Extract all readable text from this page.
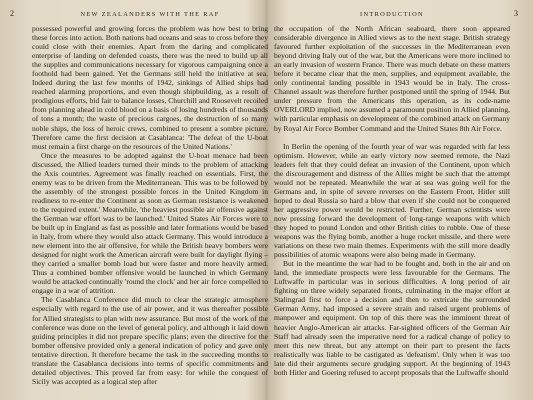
2	NEW ZEALANDERS WITH THE RAF

possessed powerful and growing forces the problem was how best to bring these forces into action. Both nations had oceans and seas to cross before they could close with their enemies. Apart from the daring and complicated enterprise of landing on defended coasts, there was the need to build up all the supplies and communications necessary for vigorous campaigning once a foothold had been gained. Yet the Germans still held the initiative at sea. Indeed during the last few months of 1942, sinkings of Allied ships had reached alarming proportions, and even though shipbuilding, as a result of prodigious efforts, bid fair to balance losses, Churchill and Roosevelt recoiled from planning ahead in cold blood on a basis of losing hundreds of thousands of tons a month; the waste of precious cargoes, the destruction of so many noble ships, the loss of heroic crews, combined to present a sombre picture. Therefore came the first decision at Casablanca: 'The defeat of the U-boat must remain a first charge on the resources of the United Nations.'

Once the measures to be adopted against the U-boat menace had been discussed, the Allied leaders turned their minds to the problem of attacking the Axis countries. Agreement was finally reached on essentials. First, the enemy was to be driven from the Mediterranean. This was to be followed by the assembly of the strongest possible forces in the United Kingdom in readiness to re-enter the Continent as soon as German resistance is weakened to the required extent.' Meanwhile, 'the heaviest possible air offensive against the German war effort was to be launched.' United States Air Forces were to be built up in England as fast as possible and later formations would be based in Italy, from where they would also attack Germany. This would introduce a new element into the air offensive, for while the British heavy bombers were designed for night work the American aircraft were built for daylight flying – they carried a smaller bomb load but were faster and more heavily armed. Thus a combined bomber offensive would be launched in which Germany would be attacked continually 'round the clock' and her air force compelled to engage in a war of attrition.

The Casablanca Conference did much to clear the strategic atmosphere especially with regard to the use of air power, and it was thereafter possible for Allied strategists to plan with new assurance. But most of the work of the conference was done on the level of general policy, and although it laid down guiding principles it did not prepare specific plans; even the directive for the bomber offensive provided only a general indication of policy and gave only tentative direction. It therefore became the task in the succeeding months to translate the Casablanca decisions into terms of specific commitments and detailed objectives. This proved far from easy: for while the conquest of Sicily was accepted as a logical step after

INTRODUCTION	3

the occupation of the North African seaboard, there soon appeared considerable divergence in Allied views as to the next stage. British strategy favoured further exploitation of the successes in the Mediterranean even beyond driving Italy out of the war, but the Americans were more inclined to an early invasion of western France. There was much debate on these matters before it became clear that the men, supplies, and equipment available, the only continental landing possible in 1943 would be in Italy. The cross-Channel assault was therefore further postponed until the spring of 1944. But under pressure from the Americans this operation, as its code-name OVERLORD implied, now assumed a paramount position in Allied planning, with particular emphasis on development of the combined attack on Germany by Royal Air Force Bomber Command and the United States 8th Air Force.

In Berlin the opening of the fourth year of war was regarded with far less optimism. However, while an early victory now seemed remote, the Nazi leaders felt that they could defeat an invasion of the Continent, upon which the discouragement and distress of the Allies might be such that the attempt would not be repeated. Meanwhile the war at sea was going well for the Germans and, in spite of severe reverses on the Eastern Front, Hitler still hoped to deal Russia so hard a blow that even if she could not be conquered her aggressive power would be restricted. Further, German scientists were now pressing forward the development of long-range weapons with which they hoped to pound London and other British cities to rubble. One of these weapons was the flying bomb, another a huge rocket missile, and there were variations on these two main themes. Experiments with the still more deadly possibilities of atomic weapons were also being made in Germany.

But in the meantime the war had to be fought and, both in the air and on land, the immediate prospects were less favourable for the Germans. The Luftwaffe in particular was in serious difficulties. A long period of air fighting on three widely separated fronts, culminating in the major effort at Stalingrad first to force a decision and then to extricate the surrounded German Army, had imposed a severe strain and raised urgent problems of manpower and equipment. On top of this there was the imminent threat of heavier Anglo-American air attacks. Far-sighted officers of the German Air Staff had already seen the imperative need for a radical change of policy to meet this new threat, but any attempt on their part to present the facts realistically was liable to be castigated as 'defeatism'. Only when it was too late did their arguments secure grudging support. At the beginning of 1943 both Hitler and Goering refused to accept proposals that the Luftwaffe should
